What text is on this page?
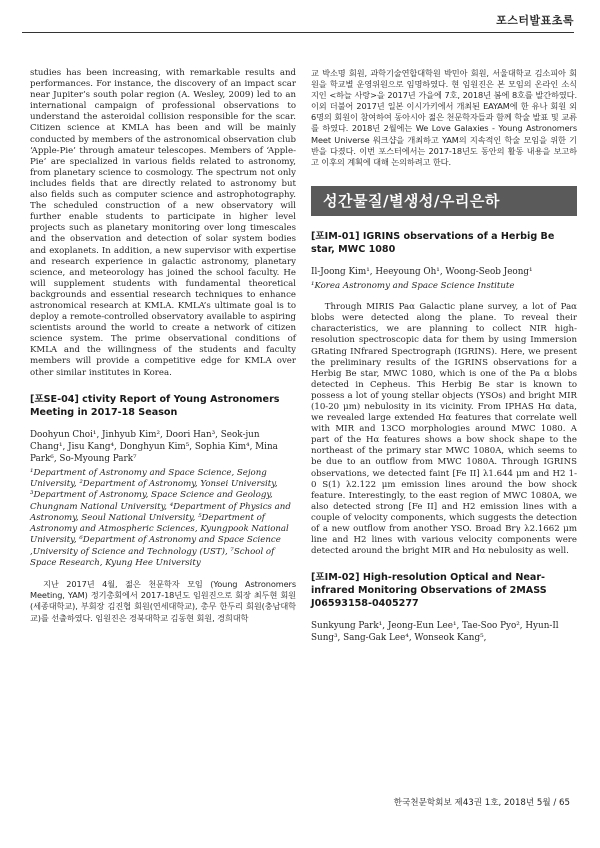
포스터발표초록

studies has been increasing, with remarkable results and performances. For instance, the discovery of an impact scar near Jupiter’s south polar region (A. Wesley, 2009) led to an international campaign of professional observations to understand the asteroidal collision responsible for the scar. Citizen science at KMLA has been and will be mainly conducted by members of the astronomical observation club ‘Apple-Pie’ through amateur telescopes. Members of ‘Apple-Pie’ are specialized in various fields related to astronomy, from planetary science to cosmology. The spectrum not only includes fields that are directly related to astronomy but also fields such as computer science and astrophotography. The scheduled construction of a new observatory will further enable students to participate in higher level projects such as planetary monitoring over long timescales and the observation and detection of solar system bodies and exoplanets. In addition, a new supervisor with expertise and research experience in galactic astronomy, planetary science, and meteorology has joined the school faculty. He will supplement students with fundamental theoretical backgrounds and essential research techniques to enhance astronomical research at KMLA. KMLA’s ultimate goal is to deploy a remote-controlled observatory available to aspiring scientists around the world to create a network of citizen science system. The prime observational conditions of KMLA and the willingness of the students and faculty members will provide a competitive edge for KMLA over other similar institutes in Korea.

[포SE-04] ctivity Report of Young Astronomers Meeting in 2017-18 Season

Doohyun Choi¹, Jinhyub Kim², Doori Han³, Seok-jun Chang¹, Jisu Kang⁴, Donghyun Kim⁵, Sophia Kim⁴, Mina Park⁶, So-Myoung Park⁷

¹Department of Astronomy and Space Science, Sejong University, ²Department of Astronomy, Yonsei University, ³Department of Astronomy, Space Science and Geology, Chungnam National University, ⁴Department of Physics and Astronomy, Seoul National University, ⁵Department of Astronomy and Atmospheric Sciences, Kyungpook National University, ⁶Department of Astronomy and Space Science ,University of Science and Technology (UST), ⁷School of Space Research, Kyung Hee University

지난 2017년 4월, 젊은 천문학자 모임 (Young Astronomers Meeting, YAM) 정기총회에서 2017-18년도 임원진으로 회장 최두현 회원(세종대학교), 부회장 김진협 회원(연세대학교), 총무 한두리 회원(충남대학교)를 선출하였다. 임원진은 경북대학교 김동현 회원, 경희대학

교 박소명 회원, 과학기술연합대학원 박민아 회원, 서울대학교 김소피아 회원을 학교별 운영위원으로 임명하였다. 현 임원진은 본 모임의 온라인 소식지인 <하늘 사랑>을 2017년 가을에 7호, 2018년 봄에 8호를 발간하였다. 이외 더불어 2017년 일본 이시가키에서 개최된 EAYAM에 한 유나 회원 외 6명의 회원이 참여하여 동아시아 젊은 천문학자들과 함께 학술 발표 및 교류를 하였다. 2018년 2월에는 We Love Galaxies - Young Astronomers Meet Universe 워크샵을 개최하고 YAM의 지속적인 학술 모임을 위한 기반을 다졌다. 이번 포스터에서는 2017-18년도 동안의 활동 내용을 보고하고 이후의 계획에 대해 논의하려고 한다.

성간물질/별생성/우리은하

[포IM-01] IGRINS observations of a Herbig Be star, MWC 1080

Il-Joong Kim¹, Heeyoung Oh¹, Woong-Seob Jeong¹

¹Korea Astronomy and Space Science Institute

Through MIRIS Paα Galactic plane survey, a lot of Paα blobs were detected along the plane. To reveal their characteristics, we are planning to collect NIR high-resolution spectroscopic data for them by using Immersion GRating INfrared Spectrograph (IGRINS). Here, we present the preliminary results of the IGRINS observations for a Herbig Be star, MWC 1080, which is one of the Pa α blobs detected in Cepheus. This Herbig Be star is known to possess a lot of young stellar objects (YSOs) and bright MIR (10-20 μm) nebulosity in its vicinity. From IPHAS Hα data, we revealed large extended Hα features that correlate well with MIR and 13CO morphologies around MWC 1080. A part of the Hα features shows a bow shock shape to the northeast of the primary star MWC 1080A, which seems to be due to an outflow from MWC 1080A. Through IGRINS observations, we detected faint [Fe II] λ1.644 μm and H2 1-0 S(1) λ2.122 μm emission lines around the bow shock feature. Interestingly, to the east region of MWC 1080A, we also detected strong [Fe II] and H2 emission lines with a couple of velocity components, which suggests the detection of a new outflow from another YSO. Broad Brγ λ2.1662 μm line and H2 lines with various velocity components were detected around the bright MIR and Hα nebulosity as well.

[포IM-02] High-resolution Optical and Near-infrared Monitoring Observations of 2MASS J06593158-0405277

Sunkyung Park¹, Jeong-Eun Lee¹, Tae-Soo Pyo², Hyun-Il Sung³, Sang-Gak Lee⁴, Wonseok Kang⁵,

한국천문학회보 제43권 1호, 2018년 5월 / 65
